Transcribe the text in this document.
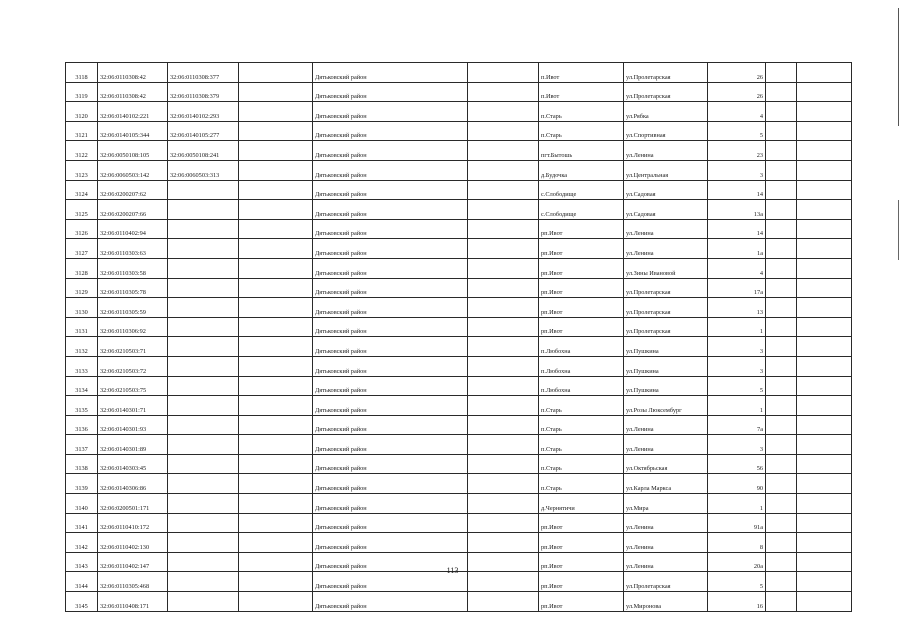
3118	32:06:0110308:42	32:06:0110308:377		Дятьковский район		п.Ивот	ул.Пролетарская	26		
3119	32:06:0110308:42	32:06:0110308:379		Дятьковский район		п.Ивот	ул.Пролетарская	26		
3120	32:06:0140102:221	32:06:0140102:293		Дятьковский район		п.Старь	ул.Рябка	4		
3121	32:06:0140105:344	32:06:0140105:277		Дятьковский район		п.Старь	ул.Спортивная	5		
3122	32:06:0050108:105	32:06:0050108:241		Дятьковский район		пгт.Бытошь	ул.Ленина	23		
3123	32:06:0060503:142	32:06:0060503:313		Дятьковский район		д.Будочка	ул.Центральная	3		
3124	32:06:0200207:62			Дятьковский район		с.Слободище	ул.Садовая	14		
3125	32:06:0200207:66			Дятьковский район		с.Слободище	ул.Садовая	13а		
3126	32:06:0110402:94			Дятьковский район		рп.Ивот	ул.Ленина	14		
3127	32:06:0110303:63			Дятьковский район		рп.Ивот	ул.Ленина	1а		
3128	32:06:0110303:58			Дятьковский район		рп.Ивот	ул.Зины Ивановой	4		
3129	32:06:0110305:78			Дятьковский район		рп.Ивот	ул.Пролетарская	17а		
3130	32:06:0110305:59			Дятьковский район		рп.Ивот	ул.Пролетарская	13		
3131	32:06:0110306:92			Дятьковский район		рп.Ивот	ул.Пролетарская	1		
3132	32:06:0210503:71			Дятьковский район		п.Любохна	ул.Пушкина	3		
3133	32:06:0210503:72			Дятьковский район		п.Любохна	ул.Пушкина	3		
3134	32:06:0210503:75			Дятьковский район		п.Любохна	ул.Пушкина	5		
3135	32:06:0140301:71			Дятьковский район		п.Старь	ул.Розы Люксембург	1		
3136	32:06:0140301:93			Дятьковский район		п.Старь	ул.Ленина	7а		
3137	32:06:0140301:89			Дятьковский район		п.Старь	ул.Ленина	3		
3138	32:06:0140303:45			Дятьковский район		п.Старь	ул.Октябрьская	56		
3139	32:06:0140306:86			Дятьковский район		п.Старь	ул.Карла Маркса	90		
3140	32:06:0200501:171			Дятьковский район		д.Чернятичи	ул.Мира	1		
3141	32:06:0110410:172			Дятьковский район		рп.Ивот	ул.Ленина	91а		
3142	32:06:0110402:130			Дятьковский район		рп.Ивот	ул.Ленина	8		
3143	32:06:0110402:147			Дятьковский район		рп.Ивот	ул.Ленина	20а		
3144	32:06:0110305:468			Дятьковский район		рп.Ивот	ул.Пролетарская	5		
3145	32:06:0110408:171			Дятьковский район		рп.Ивот	ул.Миронова	16		
113
